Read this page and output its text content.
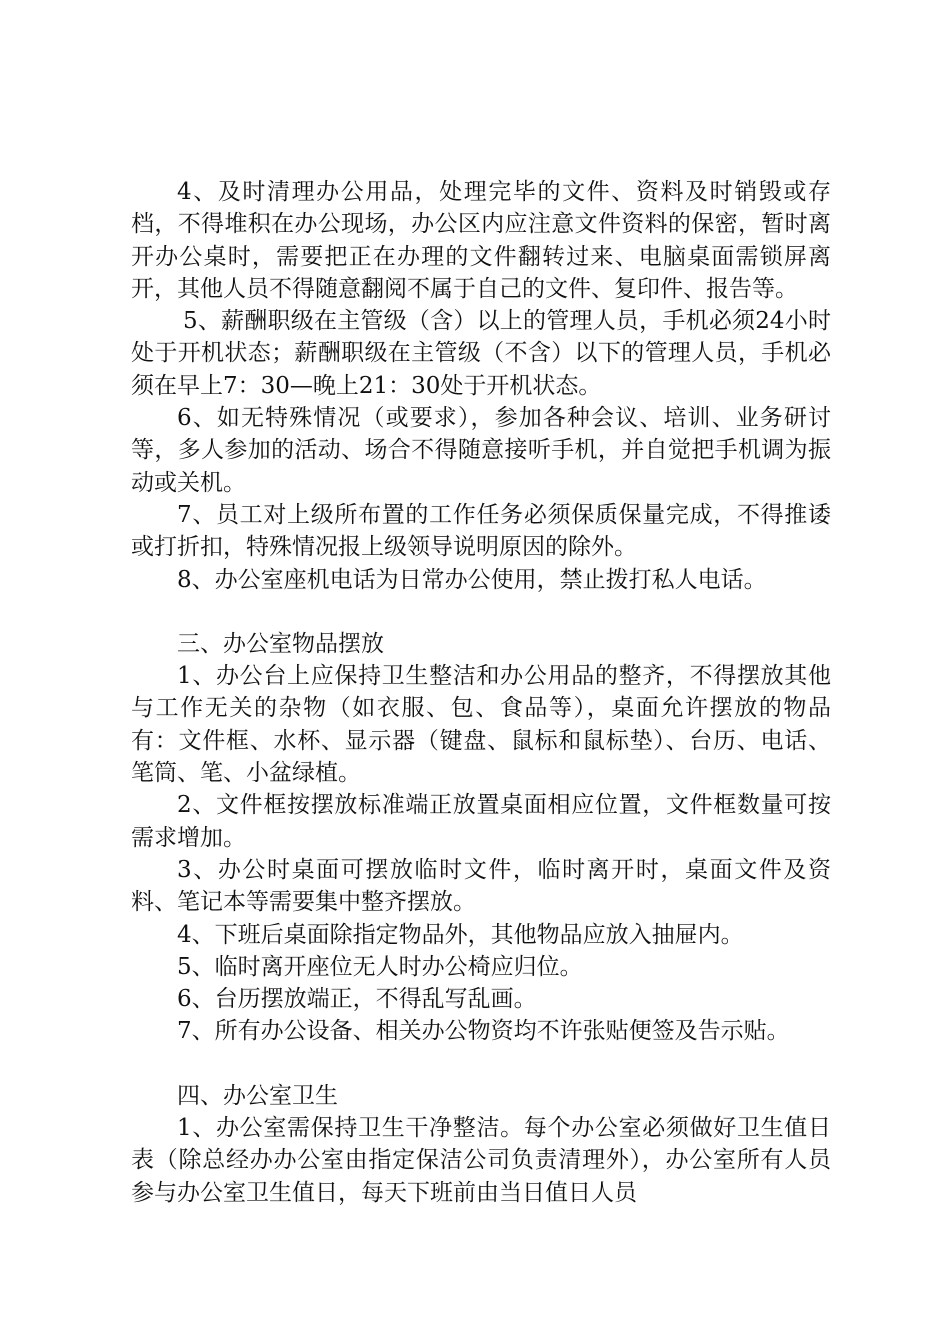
4、及时清理办公用品，处理完毕的文件、资料及时销毁或存档，不得堆积在办公现场，办公区内应注意文件资料的保密，暂时离开办公桌时，需要把正在办理的文件翻转过来、电脑桌面需锁屏离开，其他人员不得随意翻阅不属于自己的文件、复印件、报告等。

5、薪酬职级在主管级（含）以上的管理人员，手机必须24小时处于开机状态；薪酬职级在主管级（不含）以下的管理人员，手机必须在早上7：30—晚上21：30处于开机状态。

6、如无特殊情况（或要求），参加各种会议、培训、业务研讨等，多人参加的活动、场合不得随意接听手机，并自觉把手机调为振动或关机。

7、员工对上级所布置的工作任务必须保质保量完成，不得推诿或打折扣，特殊情况报上级领导说明原因的除外。

8、办公室座机电话为日常办公使用，禁止拨打私人电话。

三、办公室物品摆放

1、办公台上应保持卫生整洁和办公用品的整齐，不得摆放其他与工作无关的杂物（如衣服、包、食品等），桌面允许摆放的物品有：文件框、水杯、显示器（键盘、鼠标和鼠标垫）、台历、电话、笔筒、笔、小盆绿植。

2、文件框按摆放标准端正放置桌面相应位置，文件框数量可按需求增加。

3、办公时桌面可摆放临时文件，临时离开时，桌面文件及资料、笔记本等需要集中整齐摆放。

4、下班后桌面除指定物品外，其他物品应放入抽屉内。

5、临时离开座位无人时办公椅应归位。

6、台历摆放端正，不得乱写乱画。

7、所有办公设备、相关办公物资均不许张贴便签及告示贴。

四、办公室卫生

1、办公室需保持卫生干净整洁。每个办公室必须做好卫生值日表（除总经办办公室由指定保洁公司负责清理外），办公室所有人员参与办公室卫生值日，每天下班前由当日值日人员
